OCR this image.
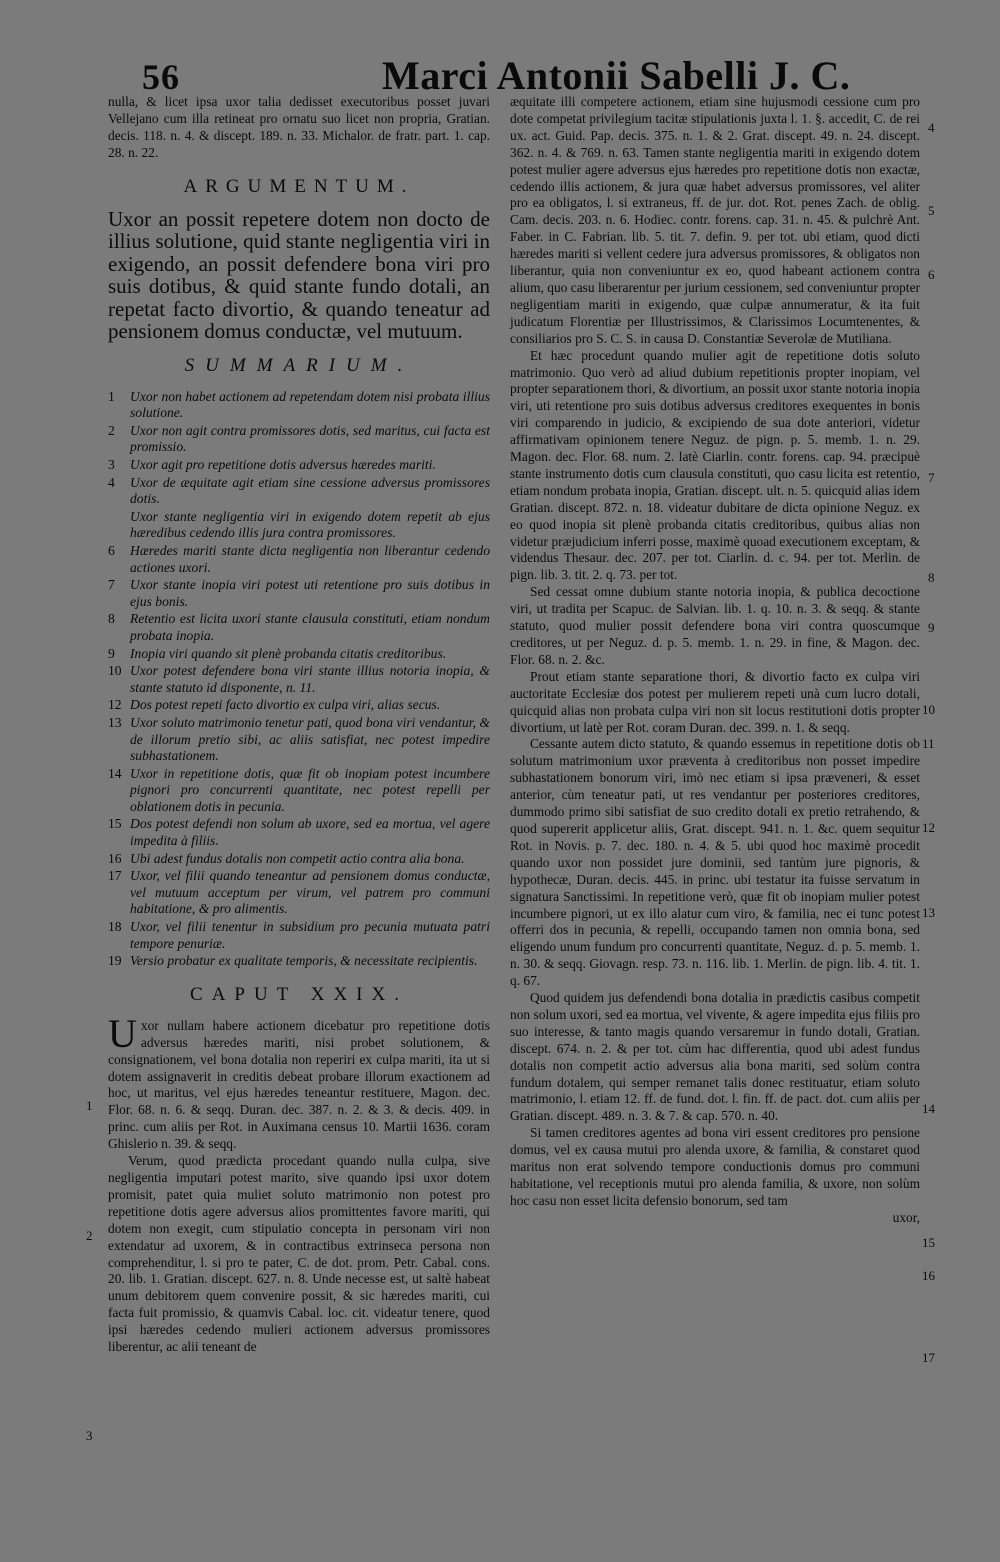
56	Marci Antonii Sabelli J. C.

nulla, & licet ipsa uxor talia dedisset executoribus posset juvari Vellejano cum illa retineat pro ornatu suo licet non propria, Gratian. decis. 118. n. 4. & discept. 189. n. 33. Michalor. de fratr. part. 1. cap. 28. n. 22.

ARGUMENTUM.

Uxor an possit repetere dotem non docto de illius solutione, quid stante negligentia viri in exigendo, an possit defendere bona viri pro suis dotibus, & quid stante fundo dotali, an repetat facto divortio, & quando teneatur ad pensionem domus conductæ, vel mutuum.

SUMMARIUM.
1 Uxor non habet actionem ad repetendam dotem nisi probata illius solutione.
2 Uxor non agit contra promissores dotis, sed maritus, cui facta est promissio.
3 Uxor agit pro repetitione dotis adversus hæredes mariti.
4 Uxor de æquitate agit etiam sine cessione adversus promissores dotis.
Uxor stante negligentia viri in exigendo dotem repetit ab ejus hæredibus cedendo illis jura contra promissores.
6 Hæredes mariti stante dicta negligentia non liberantur cedendo actiones uxori.
7 Uxor stante inopia viri potest uti retentione pro suis dotibus in ejus bonis.
8 Retentio est licita uxori stante clausula constituti, etiam nondum probata inopia.
9 Inopia viri quando sit plenè probanda citatis creditoribus.
10 Uxor potest defendere bona viri stante illius notoria inopia, & stante statuto id disponente, n. 11.
12 Dos potest repeti facto divortio ex culpa viri, alias secus.
13 Uxor soluto matrimonio tenetur pati, quod bona viri vendantur, & de illorum pretio sibi, ac aliis satisfiat, nec potest impedire subhastationem.
14 Uxor in repetitione dotis, quæ fit ob inopiam potest incumbere pignori pro concurrenti quantitate, nec potest repelli per oblationem dotis in pecunia.
15 Dos potest defendi non solum ab uxore, sed ea mortua, vel agere impedita à filiis.
16 Ubi adest fundus dotalis non competit actio contra alia bona.
17 Uxor, vel filii quando teneantur ad pensionem domus conductæ, vel mutuum acceptum per virum, vel patrem pro communi habitatione, & pro alimentis.
18 Uxor, vel filii tenentur in subsidium pro pecunia mutuata patri tempore penuriæ.
19 Versio probatur ex qualitate temporis, & necessitate recipientis.
CAPUT XXIX.

Uxor nullam habere actionem dicebatur pro repetitione dotis adversus hæredes mariti, nisi probet solutionem, & consignationem, vel bona dotalia non reperiri ex culpa mariti, ita ut si dotem assignaverit in creditis debeat probare illorum exactionem ad hoc, ut maritus, vel ejus hæredes teneantur restituere, Magon. dec. Flor. 68. n. 6. & seqq. Duran. dec. 387. n. 2. & 3. & decis. 409. in princ. cum aliis per Rot. in Auximana census 10. Martii 1636. coram Ghislerio n. 39. & seqq.

Verum, quod prædicta procedant quando nulla culpa, sive negligentia imputari potest marito, sive quando ipsi uxor dotem promisit, patet quia muliet soluto matrimonio non potest pro repetitione dotis agere adversus alios promittentes favore mariti, qui dotem non exegit, cum stipulatio concepta in personam viri non extendatur ad uxorem, & in contractibus extrinseca persona non comprehenditur, l. si pro te pater, C. de dot. prom. Petr. Cabal. cons. 20. lib. 1. Gratian. discept. 627. n. 8. Unde necesse est, ut saltè habeat unum debitorem quem convenire possit, & sic hæredes mariti, cui facta fuit promissio, & quamvis Cabal. loc. cit. videatur tenere, quod ipsi hæredes cedendo mulieri actionem adversus promissores liberentur, ac alii teneant de

æquitate illi competere actionem, etiam sine hujusmodi cessione cum pro dote competat privilegium tacitæ stipulationis juxta l. 1. §. accedit, C. de rei ux. act. Guid. Pap. decis. 375. n. 1. & 2. Grat. discept. 49. n. 24. discept. 362. n. 4. & 769. n. 63. Tamen stante negligentia mariti in exigendo dotem potest mulier agere adversus ejus hæredes pro repetitione dotis non exactæ, cedendo illis actionem, & jura quæ habet adversus promissores, vel aliter pro ea obligatos, l. si extraneus, ff. de jur. dot. Rot. penes Zach. de oblig. Cam. decis. 203. n. 6. Hodiec. contr. forens. cap. 31. n. 45. & pulchrè Ant. Faber. in C. Fabrian. lib. 5. tit. 7. defin. 9. per tot. ubi etiam, quod dicti hæredes mariti si vellent cedere jura adversus promissores, & obligatos non liberantur, quia non conveniuntur ex eo, quod habeant actionem contra alium, quo casu liberarentur per jurium cessionem, sed conveniuntur propter negligentiam mariti in exigendo, quæ culpæ annumeratur, & ita fuit judicatum Florentiæ per Illustrissimos, & Clarissimos Locumtenentes, & consiliarios pro S. C. S. in causa D. Constantiæ Severolæ de Mutiliana.

Et hæc procedunt quando mulier agit de repetitione dotis soluto matrimonio. Quo verò ad aliud dubium repetitionis propter inopiam, vel propter separationem thori, & divortium, an possit uxor stante notoria inopia viri, uti retentione pro suis dotibus adversus creditores exequentes in bonis viri comparendo in judicio, & excipiendo de sua dote anteriori, videtur affirmativam opinionem tenere Neguz. de pign. p. 5. memb. 1. n. 29. Magon. dec. Flor. 68. num. 2. latè Ciarlin. contr. forens. cap. 94. præcipuè stante instrumento dotis cum clausula constituti, quo casu licita est retentio, etiam nondum probata inopia, Gratian. discept. ult. n. 5. quicquid alias idem Gratian. discept. 872. n. 18. videatur dubitare de dicta opinione Neguz. ex eo quod inopia sit plenè probanda citatis creditoribus, quibus alias non videtur præjudicium inferri posse, maximè quoad executionem exceptam, & videndus Thesaur. dec. 207. per tot. Ciarlin. d. c. 94. per tot. Merlin. de pign. lib. 3. tit. 2. q. 73. per tot.

Sed cessat omne dubium stante notoria inopia, & publica decoctione viri, ut tradita per Scapuc. de Salvian. lib. 1. q. 10. n. 3. & seqq. & stante statuto, quod mulier possit defendere bona viri contra quoscumque creditores, ut per Neguz. d. p. 5. memb. 1. n. 29. in fine, & Magon. dec. Flor. 68. n. 2. &c.

Prout etiam stante separatione thori, & divortio facto ex culpa viri auctoritate Ecclesiæ dos potest per mulierem repeti unà cum lucro dotali, quicquid alias non probata culpa viri non sit locus restitutioni dotis propter divortium, ut latè per Rot. coram Duran. dec. 399. n. 1. & seqq.

Cessante autem dicto statuto, & quando essemus in repetitione dotis ob solutum matrimonium uxor præventa à creditoribus non posset impedire subhastationem bonorum viri, imò nec etiam si ipsa præveneri, & esset anterior, cùm teneatur pati, ut res vendantur per posteriores creditores, dummodo primo sibi satisfiat de suo credito dotali ex pretio retrahendo, & quod supererit applicetur aliis, Grat. discept. 941. n. 1. &c. quem sequitur Rot. in Novis. p. 7. dec. 180. n. 4. & 5. ubi quod hoc maximè procedit quando uxor non possidet jure dominii, sed tantùm jure pignoris, & hypothecæ, Duran. decis. 445. in princ. ubi testatur ita fuisse servatum in signatura Sanctissimi. In repetitione verò, quæ fit ob inopiam mulier potest incumbere pignori, ut ex illo alatur cum viro, & familia, nec ei tunc potest offerri dos in pecunia, & repelli, occupando tamen non omnia bona, sed eligendo unum fundum pro concurrenti quantitate, Neguz. d. p. 5. memb. 1. n. 30. & seqq. Giovagn. resp. 73. n. 116. lib. 1. Merlin. de pign. lib. 4. tit. 1. q. 67.

Quod quidem jus defendendi bona dotalia in prædictis casibus competit non solum uxori, sed ea mortua, vel vivente, & agere impedita ejus filiis pro suo interesse, & tanto magis quando versaremur in fundo dotali, Gratian. discept. 674. n. 2. & per tot. cùm hac differentia, quod ubi adest fundus dotalis non competit actio adversus alia bona mariti, sed solùm contra fundum dotalem, qui semper remanet talis donec restituatur, etiam soluto matrimonio, l. etiam 12. ff. de fund. dot. l. fin. ff. de pact. dot. cum aliis per Gratian. discept. 489. n. 3. & 7. & cap. 570. n. 40.

Si tamen creditores agentes ad bona viri essent creditores pro pensione domus, vel ex causa mutui pro alenda uxore, & familia, & constaret quod maritus non erat solvendo tempore conductionis domus pro communi habitatione, vel receptionis mutui pro alenda familia, & uxore, non solùm hoc casu non esset licita defensio bonorum, sed tam

uxor,

1
2
3
4
5
6
7
8
9
10
11
12
13
14
15
16
17
